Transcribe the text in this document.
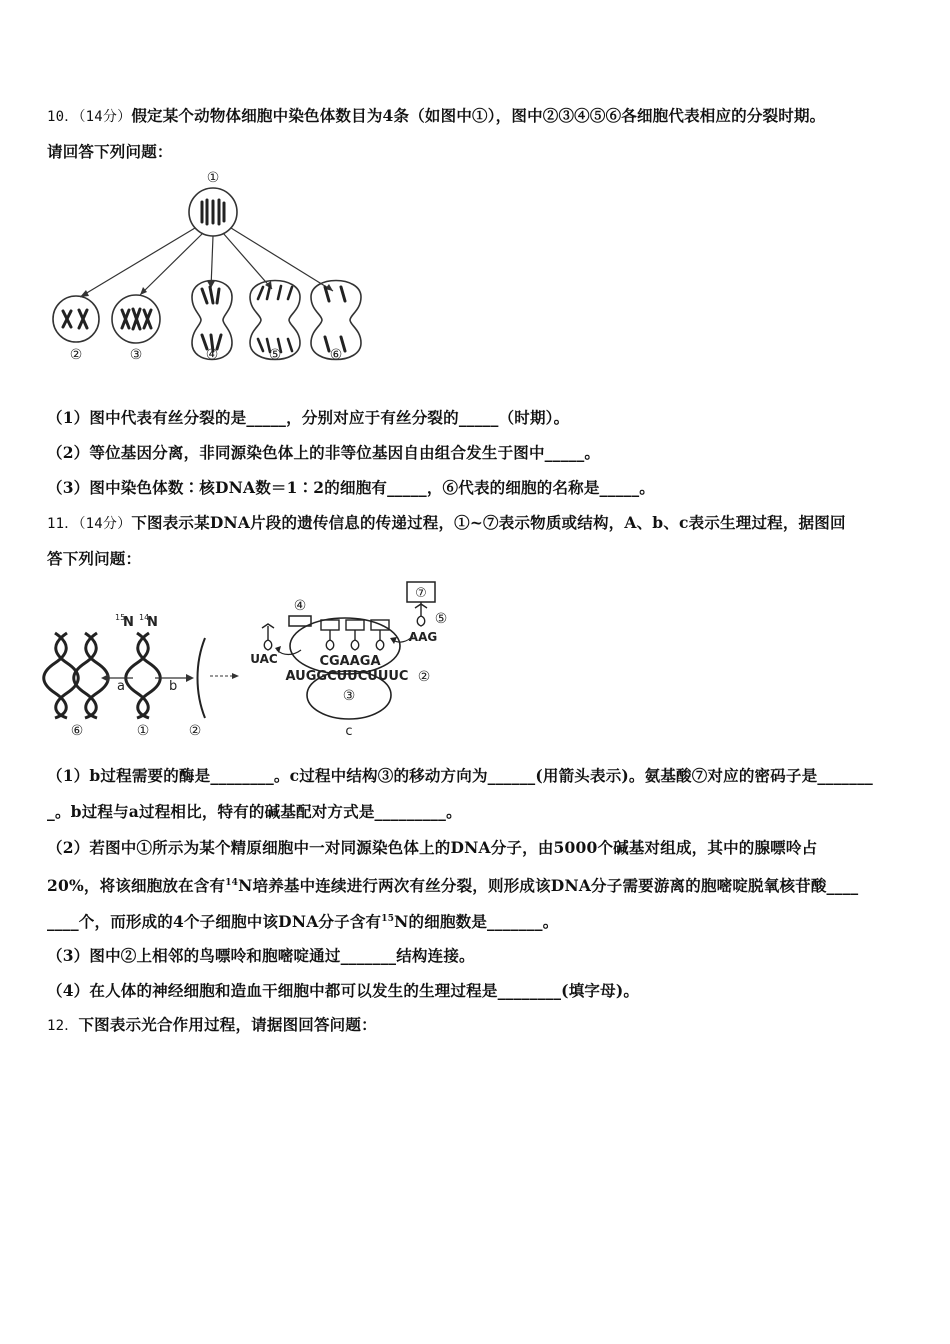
10．（14分）假定某个动物体细胞中染色体数目为4条（如图中①），图中②③④⑤⑥各细胞代表相应的分裂时期。
请回答下列问题：
①
②	③	④	⑤	⑥
（1）图中代表有丝分裂的是_____，分别对应于有丝分裂的_____（时期）。
（2）等位基因分离，非同源染色体上的非等位基因自由组合发生于图中_____。
（3）图中染色体数∶核DNA数＝1∶2的细胞有_____，⑥代表的细胞的名称是_____。
11．（14分）下图表示某DNA片段的遗传信息的传递过程，①~⑦表示物质或结构，A、b、c表示生理过程，据图回
答下列问题：
15
N 14
N
a	b
⑦
④
⑤
UAC
AAG
CGAAGA
AUGGCUUCUUUC ②
③
c
⑥	①	②
（1）b过程需要的酶是________。c过程中结构③的移动方向为______(用箭头表示)。氨基酸⑦对应的密码子是_______
_。b过程与a过程相比，特有的碱基配对方式是_________。
（2）若图中①所示为某个精原细胞中一对同源染色体上的DNA分子，由5000个碱基对组成，其中的腺嘌呤占
20%，将该细胞放在含有$^{14}$N培养基中连续进行两次有丝分裂，则形成该DNA分子需要游离的胞嘧啶脱氧核苷酸____
____个，而形成的4个子细胞中该DNA分子含有$^{15}$N的细胞数是_______。
（3）图中②上相邻的鸟嘌呤和胞嘧啶通过_______结构连接。
（4）在人体的神经细胞和造血干细胞中都可以发生的生理过程是________(填字母)。
12．下图表示光合作用过程，请据图回答问题：
